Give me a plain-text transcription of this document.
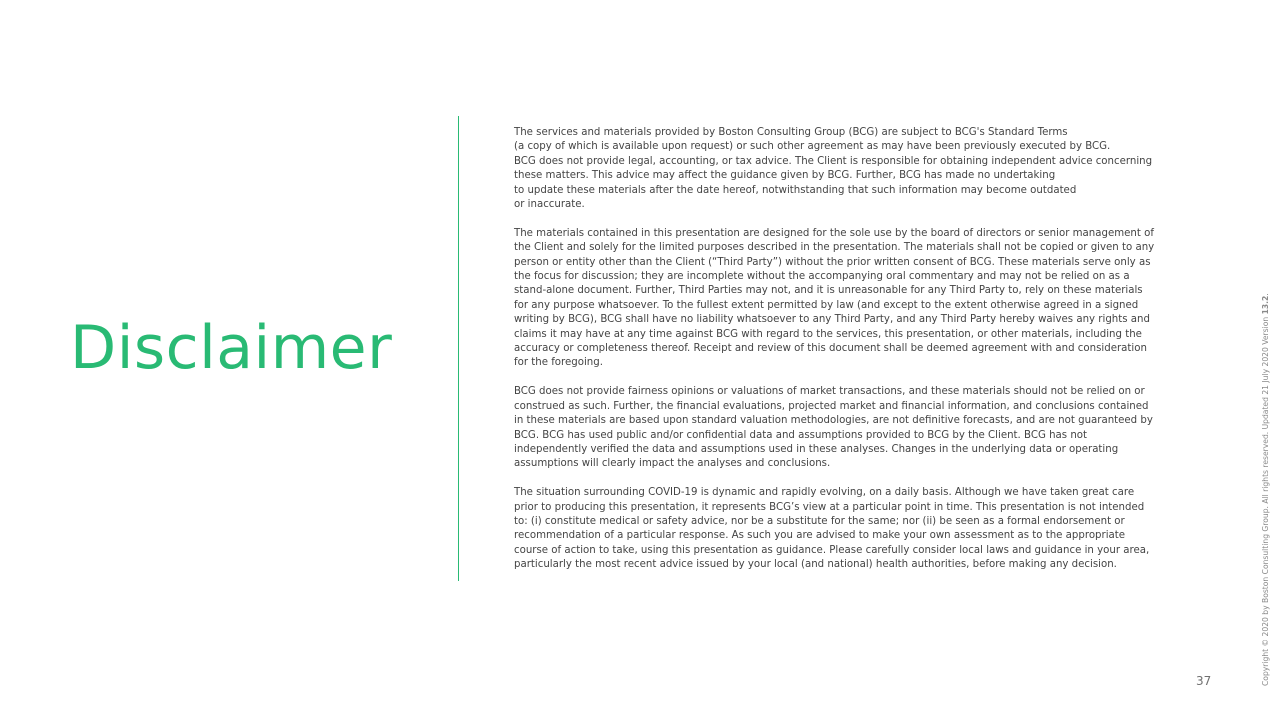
Disclaimer

The services and materials provided by Boston Consulting Group (BCG) are subject to BCG's Standard Terms
(a copy of which is available upon request) or such other agreement as may have been previously executed by BCG.
BCG does not provide legal, accounting, or tax advice. The Client is responsible for obtaining independent advice concerning
these matters. This advice may affect the guidance given by BCG. Further, BCG has made no undertaking
to update these materials after the date hereof, notwithstanding that such information may become outdated
or inaccurate.

The materials contained in this presentation are designed for the sole use by the board of directors or senior management of
the Client and solely for the limited purposes described in the presentation. The materials shall not be copied or given to any
person or entity other than the Client (“Third Party”) without the prior written consent of BCG. These materials serve only as
the focus for discussion; they are incomplete without the accompanying oral commentary and may not be relied on as a
stand-alone document. Further, Third Parties may not, and it is unreasonable for any Third Party to, rely on these materials
for any purpose whatsoever. To the fullest extent permitted by law (and except to the extent otherwise agreed in a signed
writing by BCG), BCG shall have no liability whatsoever to any Third Party, and any Third Party hereby waives any rights and
claims it may have at any time against BCG with regard to the services, this presentation, or other materials, including the
accuracy or completeness thereof. Receipt and review of this document shall be deemed agreement with and consideration
for the foregoing.

BCG does not provide fairness opinions or valuations of market transactions, and these materials should not be relied on or
construed as such. Further, the financial evaluations, projected market and financial information, and conclusions contained
in these materials are based upon standard valuation methodologies, are not definitive forecasts, and are not guaranteed by
BCG. BCG has used public and/or confidential data and assumptions provided to BCG by the Client. BCG has not
independently verified the data and assumptions used in these analyses. Changes in the underlying data or operating
assumptions will clearly impact the analyses and conclusions.

The situation surrounding COVID-19 is dynamic and rapidly evolving, on a daily basis. Although we have taken great care
prior to producing this presentation, it represents BCG’s view at a particular point in time. This presentation is not intended
to: (i) constitute medical or safety advice, nor be a substitute for the same; nor (ii) be seen as a formal endorsement or
recommendation of a particular response. As such you are advised to make your own assessment as to the appropriate
course of action to take, using this presentation as guidance. Please carefully consider local laws and guidance in your area,
particularly the most recent advice issued by your local (and national) health authorities, before making any decision.

37	Copyright © 2020 by Boston Consulting Group. All rights reserved. Updated 21 July 2020 Version 13.2.
